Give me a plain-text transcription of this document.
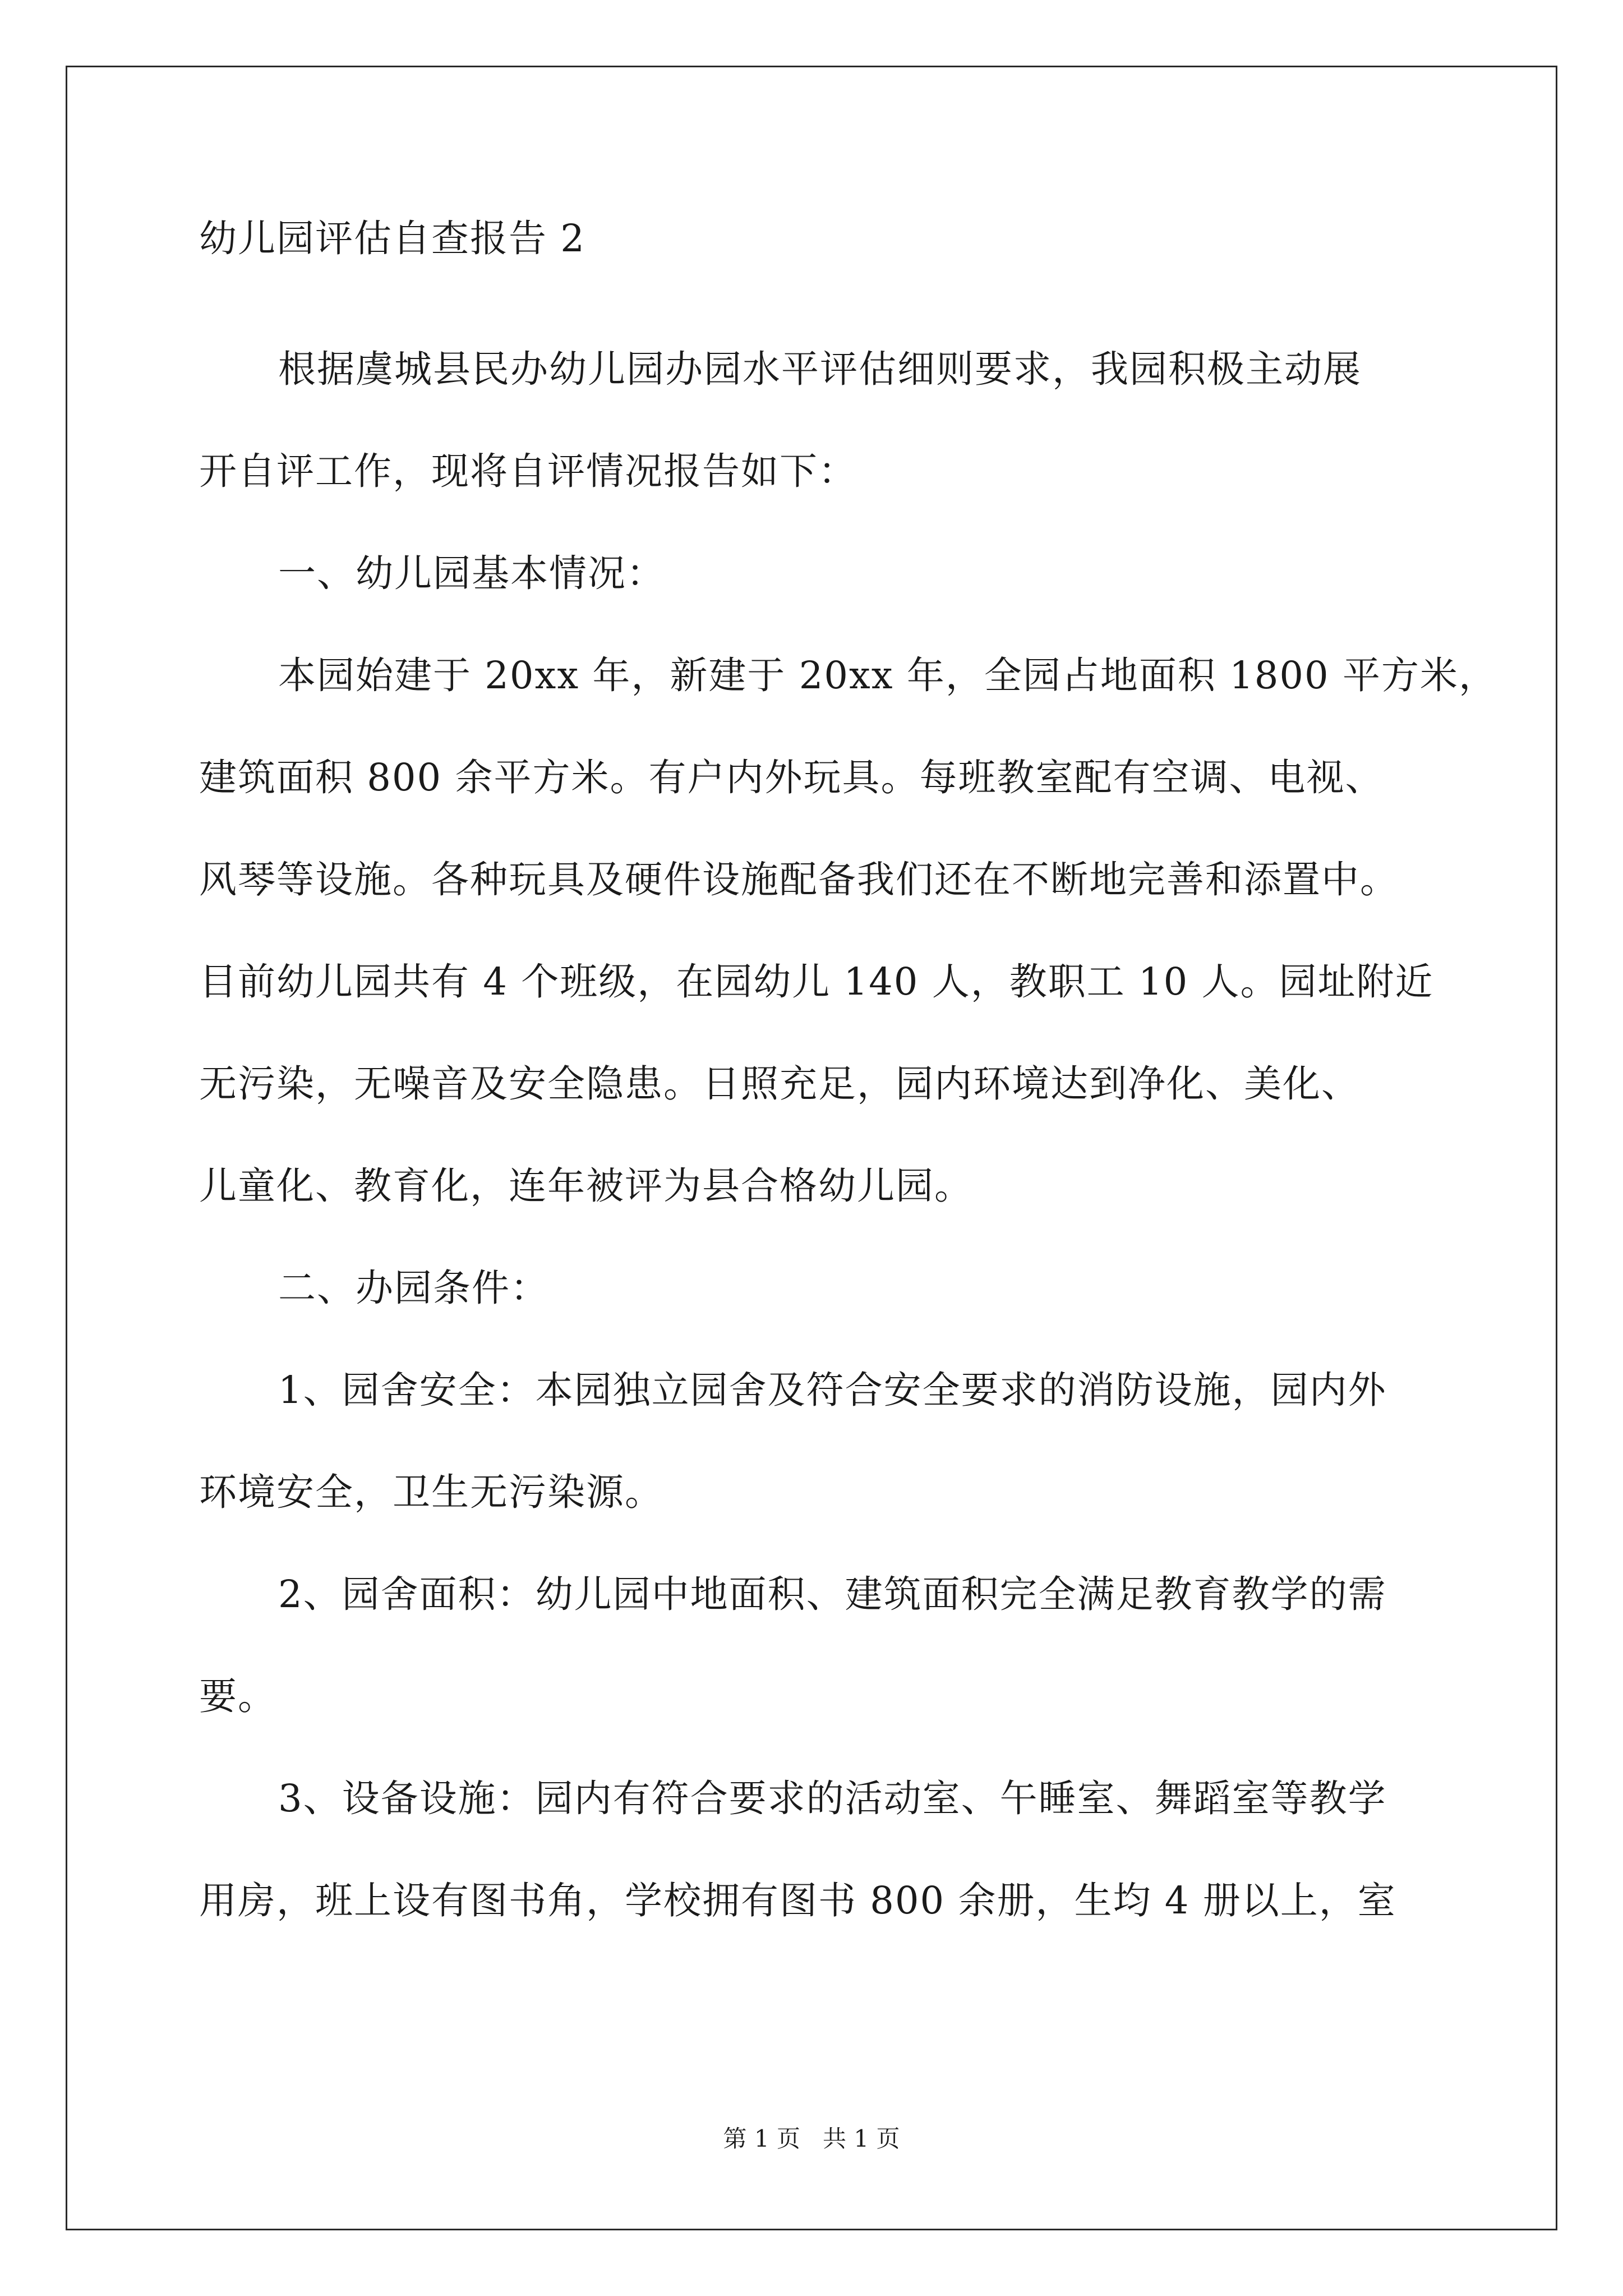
幼儿园评估自查报告 2

根据虞城县民办幼儿园办园水平评估细则要求，我园积极主动展
开自评工作，现将自评情况报告如下：

一、幼儿园基本情况：

本园始建于 20xx 年，新建于 20xx 年，全园占地面积 1800 平方米，
建筑面积 800 余平方米。有户内外玩具。每班教室配有空调、电视、
风琴等设施。各种玩具及硬件设施配备我们还在不断地完善和添置中。
目前幼儿园共有 4 个班级，在园幼儿 140 人，教职工 10 人。园址附近
无污染，无噪音及安全隐患。日照充足，园内环境达到净化、美化、
儿童化、教育化，连年被评为县合格幼儿园。

二、办园条件：

1、园舍安全：本园独立园舍及符合安全要求的消防设施，园内外
环境安全，卫生无污染源。

2、园舍面积：幼儿园中地面积、建筑面积完全满足教育教学的需
要。

3、设备设施：园内有符合要求的活动室、午睡室、舞蹈室等教学
用房，班上设有图书角，学校拥有图书 800 余册，生均 4 册以上，室

第 1 页 共 1 页
